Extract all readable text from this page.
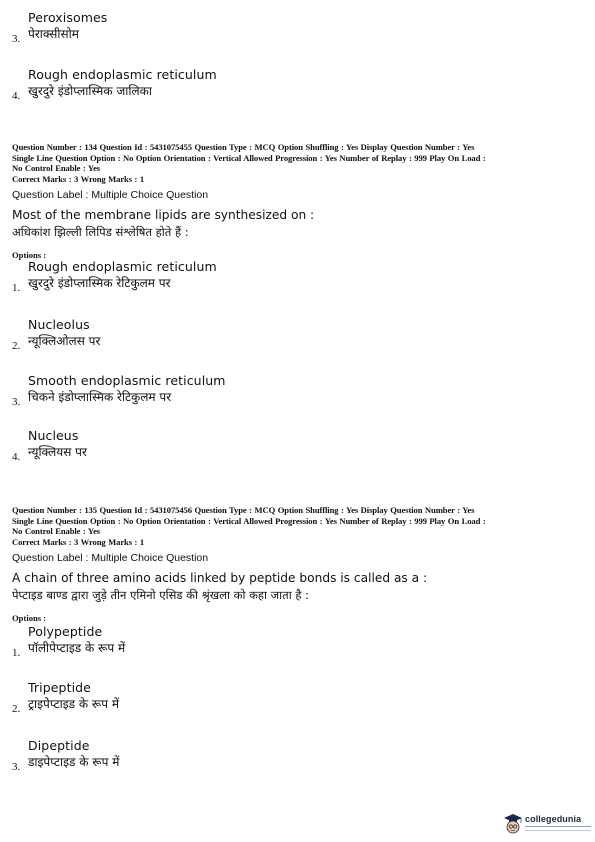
Peroxisomes
3. पेराक्सीसोम
Rough endoplasmic reticulum
4. खुरदुरे इंडोप्लास्मिक जालिका
Question Number : 134 Question Id : 5431075455 Question Type : MCQ Option Shuffling : Yes Display Question Number : Yes
Single Line Question Option : No Option Orientation : Vertical Allowed Progression : Yes Number of Replay : 999 Play On Load :
No Control Enable : Yes
Correct Marks : 3 Wrong Marks : 1
Question Label : Multiple Choice Question
Most of the membrane lipids are synthesized on :
अधिकांश झिल्ली लिपिड संश्लेषित होते हैं :
Options :
Rough endoplasmic reticulum
1. खुरदुरे इंडोप्लास्मिक रेटिकुलम पर
Nucleolus
2. न्यूक्लिओलस पर
Smooth endoplasmic reticulum
3. चिकने इंडोप्लास्मिक रेटिकुलम पर
Nucleus
4. न्यूक्लियस पर
Question Number : 135 Question Id : 5431075456 Question Type : MCQ Option Shuffling : Yes Display Question Number : Yes
Single Line Question Option : No Option Orientation : Vertical Allowed Progression : Yes Number of Replay : 999 Play On Load :
No Control Enable : Yes
Correct Marks : 3 Wrong Marks : 1
Question Label : Multiple Choice Question
A chain of three amino acids linked by peptide bonds is called as a :
पेप्टाइड बाण्ड द्वारा जुड़े तीन एमिनो एसिड की श्रृंखला को कहा जाता है :
Options :
Polypeptide
1. पॉलीपेप्टाइड के रूप में
Tripeptide
2. ट्राइपेप्टाइड के रूप में
Dipeptide
3. डाइपेप्टाइड के रूप में
collegedunia
